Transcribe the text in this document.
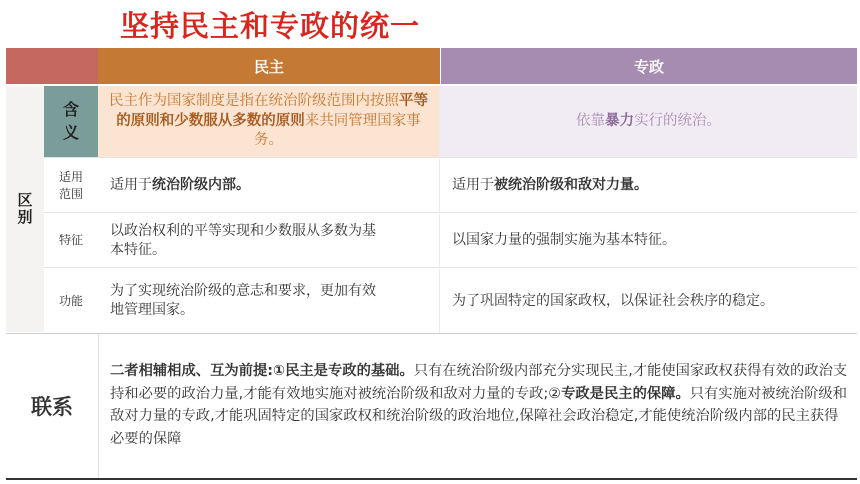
坚持民主和专政的统一
民主	专政
区别
含义
民主作为国家制度是指在统治阶级范围内按照平等的原则和少数服从多数的原则来共同管理国家事务。
依靠暴力实行的统治。
适用范围
适用于统治阶级内部。	适用于被统治阶级和敌对力量。
特征
以政治权利的平等实现和少数服从多数为基本特征。
以国家力量的强制实施为基本特征。
功能
为了实现统治阶级的意志和要求，更加有效地管理国家。
为了巩固特定的国家政权，以保证社会秩序的稳定。
联系
二者相辅相成、互为前提:①民主是专政的基础。只有在统治阶级内部充分实现民主,才能使国家政权获得有效的政治支持和必要的政治力量,才能有效地实施对被统治阶级和敌对力量的专政;②专政是民主的保障。只有实施对被统治阶级和敌对力量的专政,才能巩固特定的国家政权和统治阶级的政治地位,保障社会政治稳定,才能使统治阶级内部的民主获得必要的保障
